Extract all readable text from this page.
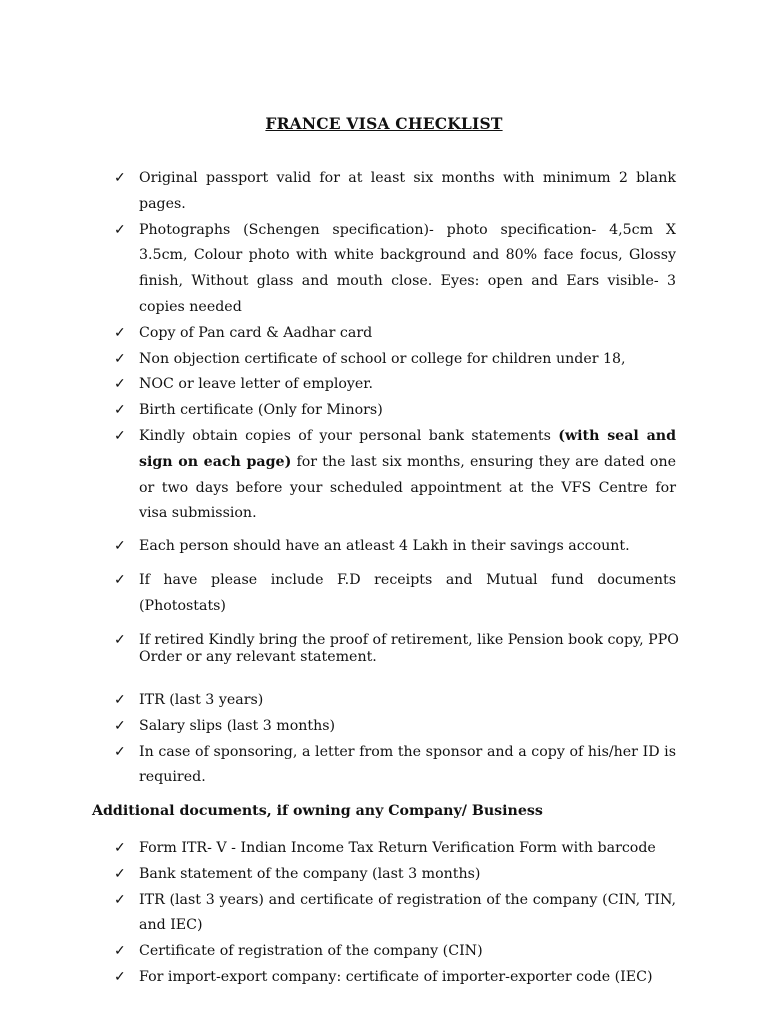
FRANCE VISA CHECKLIST
✓ Original passport valid for at least six months with minimum 2 blank pages.
✓ Photographs (Schengen specification)- photo specification- 4,5cm X 3.5cm, Colour photo with white background and 80% face focus, Glossy finish, Without glass and mouth close. Eyes: open and Ears visible- 3 copies needed
✓ Copy of Pan card & Aadhar card
✓ Non objection certificate of school or college for children under 18,
✓ NOC or leave letter of employer.
✓ Birth certificate (Only for Minors)
✓ Kindly obtain copies of your personal bank statements (with seal and sign on each page) for the last six months, ensuring they are dated one or two days before your scheduled appointment at the VFS Centre for visa submission.
✓ Each person should have an atleast 4 Lakh in their savings account.
✓ If have please include F.D receipts and Mutual fund documents (Photostats)
✓ If retired Kindly bring the proof of retirement, like Pension book copy, PPO Order or any relevant statement.
✓ ITR (last 3 years)
✓ Salary slips (last 3 months)
✓ In case of sponsoring, a letter from the sponsor and a copy of his/her ID is required.
Additional documents, if owning any Company/ Business
✓ Form ITR- V - Indian Income Tax Return Verification Form with barcode
✓ Bank statement of the company (last 3 months)
✓ ITR (last 3 years) and certificate of registration of the company (CIN, TIN, and IEC)
✓ Certificate of registration of the company (CIN)
✓ For import-export company: certificate of importer-exporter code (IEC)
